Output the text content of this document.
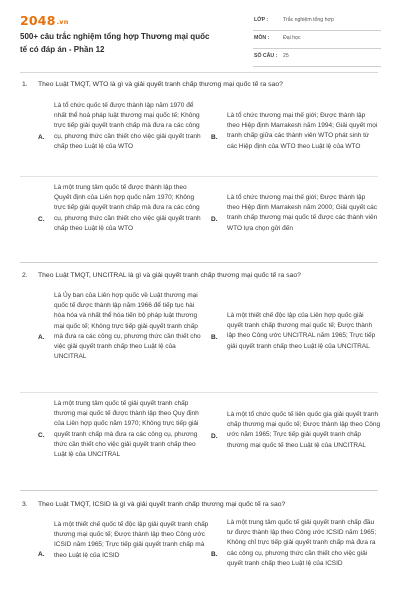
2048.vn
500+ câu trắc nghiệm tổng hợp Thương mại quốc tế có đáp án - Phần 12
LỚP :	Trắc nghiệm tổng hợp
MÔN :	Đại học
SỐ CÂU : 25
1. Theo Luật TMQT, WTO là gì và giải quyết tranh chấp thương mại quốc tế ra sao?
A.
Là tổ chức quốc tế được thành lập năm 1970 để nhất thể hoá pháp luật thương mại quốc tế; Không trực tiếp giải quyết tranh chấp mà đưa ra các công cụ, phương thức cần thiết cho việc giải quyết tranh chấp theo Luật lệ của WTO
B.
Là tổ chức thương mại thế giới; Được thành lập theo Hiệp định Marrakesh năm 1994; Giải quyết mọi tranh chấp giữa các thành viên WTO phát sinh từ các Hiệp định của WTO theo Luật lệ của WTO
C.
Là một trung tâm quốc tế được thành lập theo Quyết định của Liên hợp quốc năm 1970; Không trực tiếp giải quyết tranh chấp mà đưa ra các công cụ, phương thức cần thiết cho việc giải quyết tranh chấp theo Luật lệ của WTO
D.
Là tổ chức thương mại thế giới; Được thành lập theo Hiệp định Marrakesh năm 2000; Giải quyết các tranh chấp thương mại quốc tế được các thành viên WTO lựa chọn gửi đến
2. Theo Luật TMQT, UNCITRAL là gì và giải quyết tranh chấp thương mại quốc tế ra sao?
A.
Là Ủy ban của Liên hợp quốc về Luật thương mại quốc tế được thành lập năm 1966 để tiếp tục hài hòa hóa và nhất thể hóa tiến bộ pháp luật thương mại quốc tế; Không trực tiếp giải quyết tranh chấp mà đưa ra các công cụ, phương thức cần thiết cho việc giải quyết tranh chấp theo Luật lệ của UNCITRAL
B.
Là một thiết chế độc lập của Liên hợp quốc giải quyết tranh chấp thương mại quốc tế; Được thành lập theo Công ước UNCITRAL năm 1965; Trực tiếp giải quyết tranh chấp theo Luật lệ của UNCITRAL
C.
Là một trung tâm quốc tế giải quyết tranh chấp thương mại quốc tế được thành lập theo Quy định của Liên hợp quốc năm 1970; Không trực tiếp giải quyết tranh chấp mà đưa ra các công cụ, phương thức cần thiết cho việc giải quyết tranh chấp theo Luật lệ của UNCITRAL
D.
Là một tổ chức quốc tế liên quốc gia giải quyết tranh chấp thương mại quốc tế; Được thành lập theo Công ước năm 1965; Trực tiếp giải quyết tranh chấp thương mại quốc tế theo Luật lệ của UNCITRAL
3. Theo Luật TMQT, ICSID là gì và giải quyết tranh chấp thương mại quốc tế ra sao?
A.
Là một thiết chế quốc tế độc lập giải quyết tranh chấp thương mại quốc tế; Được thành lập theo Công ước ICSID năm 1965; Trực tiếp giải quyết tranh chấp mà theo Luật lệ của ICSID	B.
Là một trung tâm quốc tế giải quyết tranh chấp đầu tư được thành lập theo Công ước ICSID năm 1965; Không chỉ trực tiếp giải quyết tranh chấp mà đưa ra các công cụ, phương thức cần thiết cho việc giải quyết tranh chấp theo Luật lệ của ICSID
